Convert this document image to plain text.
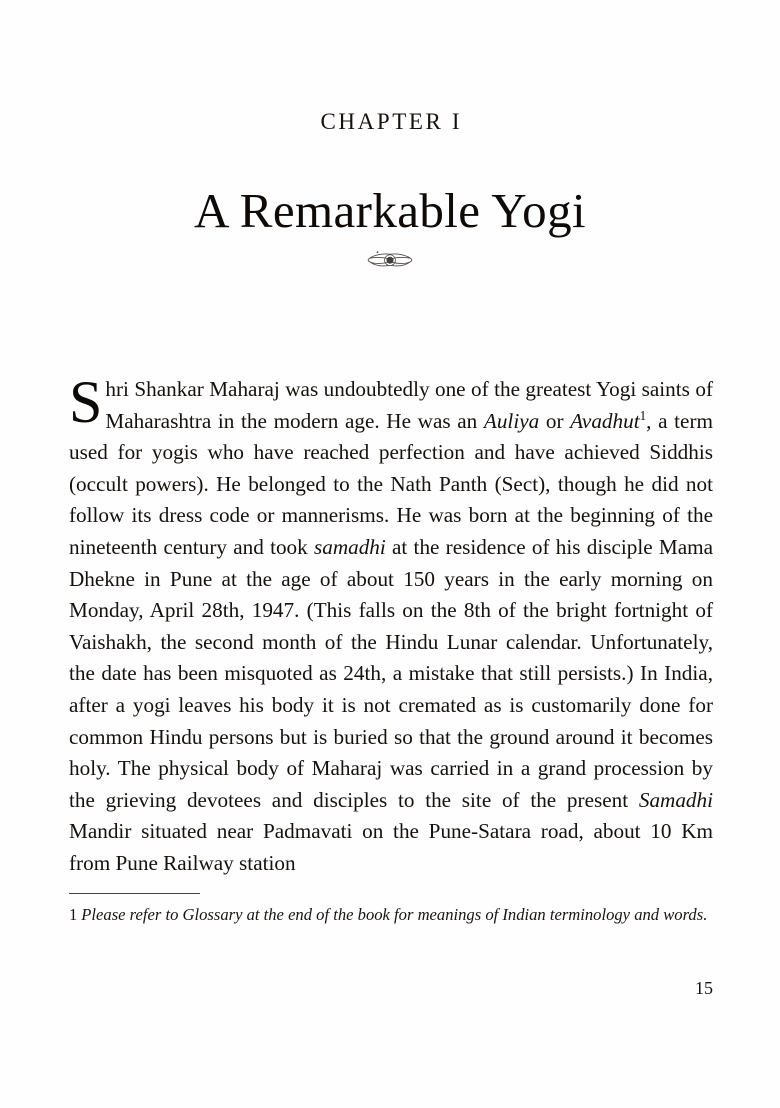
CHAPTER I
A Remarkable Yogi

Shri Shankar Maharaj was undoubtedly one of the greatest Yogi saints of Maharashtra in the modern age. He was an Auliya or Avadhut$^1$, a term used for yogis who have reached perfection and have achieved Siddhis (occult powers). He belonged to the Nath Panth (Sect), though he did not follow its dress code or mannerisms. He was born at the beginning of the nineteenth century and took samadhi at the residence of his disciple Mama Dhekne in Pune at the age of about 150 years in the early morning on Monday, April 28th, 1947. (This falls on the 8th of the bright fortnight of Vaishakh, the second month of the Hindu Lunar calendar. Unfortunately, the date has been misquoted as 24th, a mistake that still persists.) In India, after a yogi leaves his body it is not cremated as is customarily done for common Hindu persons but is buried so that the ground around it becomes holy. The physical body of Maharaj was carried in a grand procession by the grieving devotees and disciples to the site of the present Samadhi Mandir situated near Padmavati on the Pune-Satara road, about 10 Km from Pune Railway station

1 Please refer to Glossary at the end of the book for meanings of Indian terminology and words.

15
